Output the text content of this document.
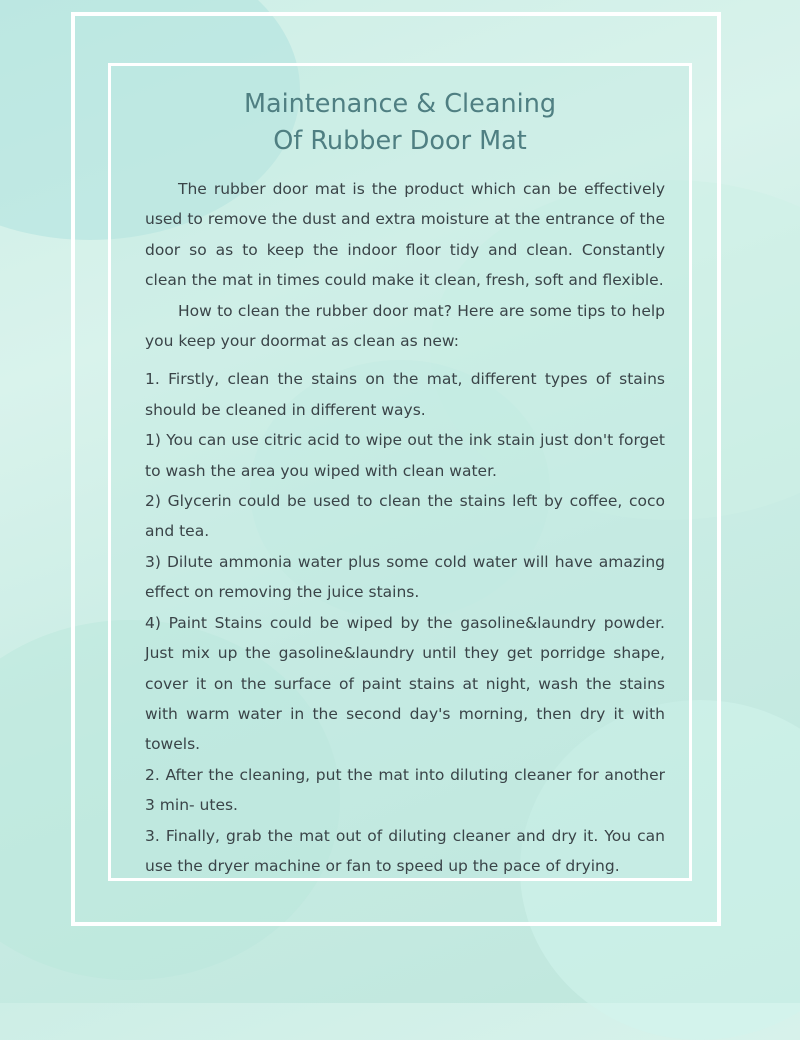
Maintenance & Cleaning
Of Rubber Door Mat

The rubber door mat is the product which can be effectively used to remove the dust and extra moisture at the entrance of the door so as to keep the indoor floor tidy and clean. Constantly clean the mat in times could make it clean, fresh, soft and flexible.

How to clean the rubber door mat? Here are some tips to help you keep your doormat as clean as new:

1. Firstly, clean the stains on the mat, different types of stains should be cleaned in different ways.

1) You can use citric acid to wipe out the ink stain just don't forget to wash the area you wiped with clean water.

2) Glycerin could be used to clean the stains left by coffee, coco and tea.

3) Dilute ammonia water plus some cold water will have amazing effect on removing the juice stains.

4) Paint Stains could be wiped by the gasoline&laundry powder. Just mix up the gasoline&laundry until they get porridge shape, cover it on the surface of paint stains at night, wash the stains with warm water in the second day's morning, then dry it with towels.

2. After the cleaning, put the mat into diluting cleaner for another 3 min- utes.

3. Finally, grab the mat out of diluting cleaner and dry it. You can use the dryer machine or fan to speed up the pace of drying.
